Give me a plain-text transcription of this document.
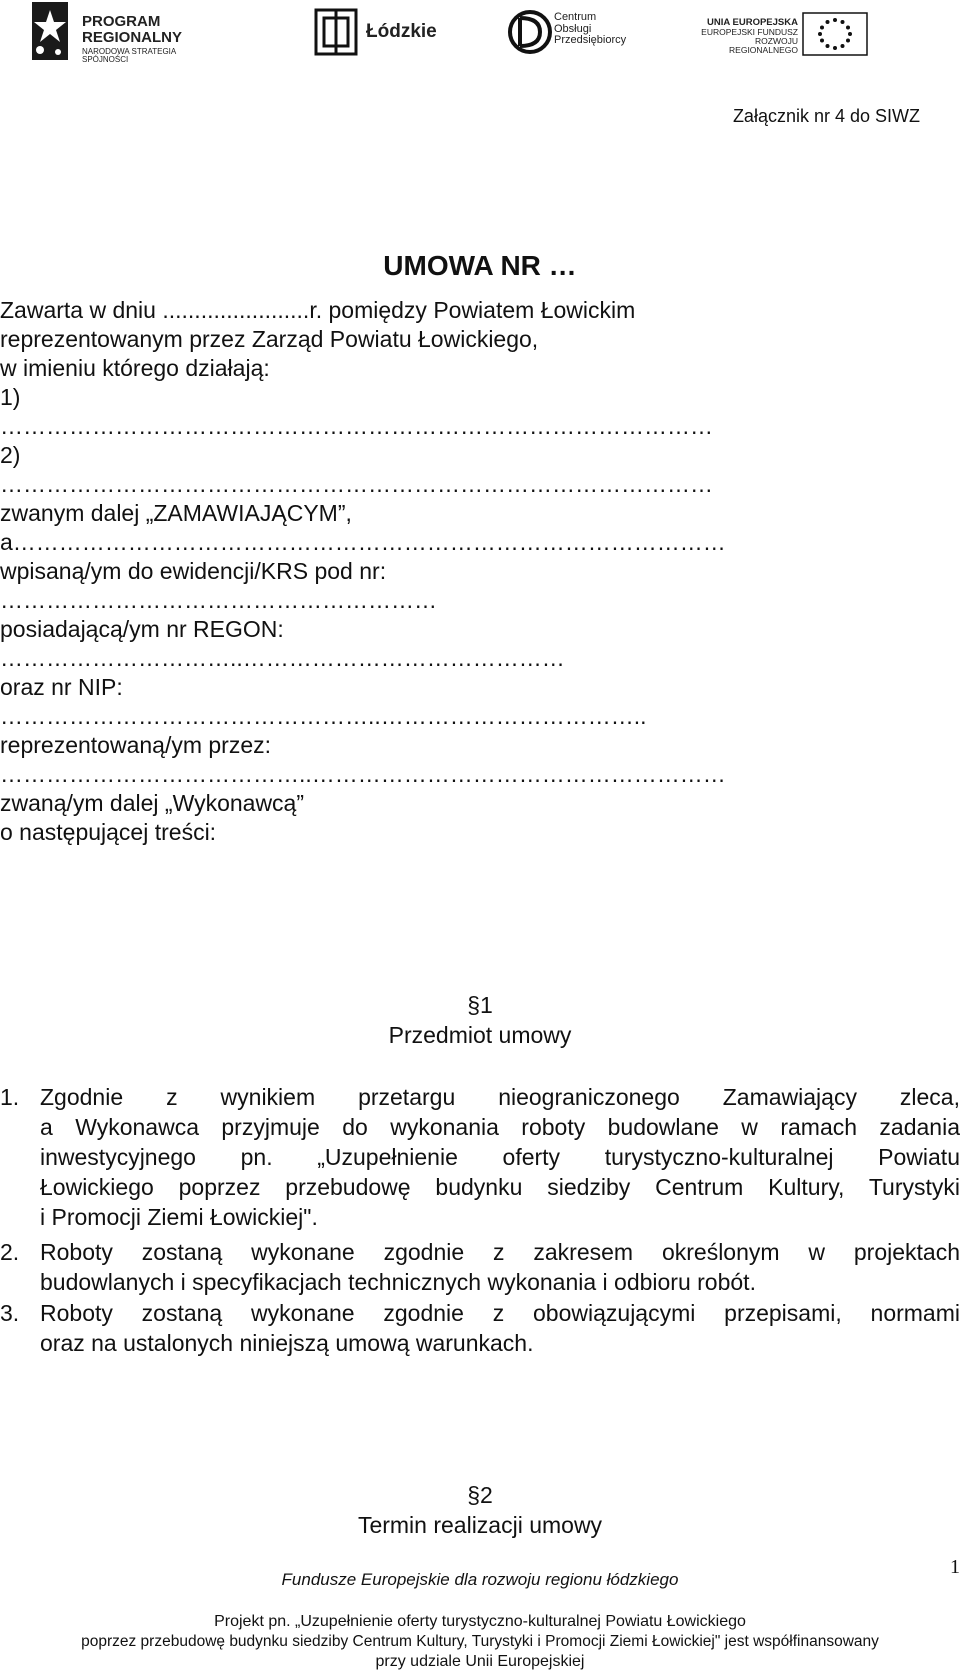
PROGRAM
REGIONALNY
NARODOWA STRATEGIA SPÓJNOŚCI
Łódzkie
Centrum
Obsługi
Przedsiębiorcy
UNIA EUROPEJSKA
EUROPEJSKI FUNDUSZ
ROZWOJU REGIONALNEGO
Załącznik nr 4 do SIWZ
UMOWA NR …
Zawarta w dniu .......................r. pomiędzy Powiatem Łowickim
reprezentowanym przez Zarząd Powiatu Łowickiego,
w imieniu którego działają:
1)
…………………………………………………………………………………
2)
…………………………………………………………………………………
zwanym dalej „ZAMAWIAJĄCYM”,
a…………………………………………………………………………………
wpisaną/ym do ewidencji/KRS pod nr:
…………………………………………………
posiadającą/ym nr REGON:
…………………………..……………………………………
oraz nr NIP:
…………………………………………..……………………………..
reprezentowaną/ym przez:
…………………………………..………………………………………………
zwaną/ym dalej „Wykonawcą”
o następującej treści:
§1
Przedmiot umowy
1. Zgodnie z wynikiem przetargu nieograniczonego Zamawiający zleca,
a Wykonawca przyjmuje do wykonania roboty budowlane w ramach zadania
inwestycyjnego pn. „Uzupełnienie oferty turystyczno-kulturalnej Powiatu
Łowickiego poprzez przebudowę budynku siedziby Centrum Kultury, Turystyki
i Promocji Ziemi Łowickiej".
2. Roboty zostaną wykonane zgodnie z zakresem określonym w projektach
budowlanych i specyfikacjach technicznych wykonania i odbioru robót.
3. Roboty zostaną wykonane zgodnie z obowiązującymi przepisami, normami
oraz na ustalonych niniejszą umową warunkach.
§2
Termin realizacji umowy
Fundusze Europejskie dla rozwoju regionu łódzkiego
1
Projekt pn. „Uzupełnienie oferty turystyczno-kulturalnej Powiatu Łowickiego
poprzez przebudowę budynku siedziby Centrum Kultury, Turystyki i Promocji Ziemi Łowickiej" jest współfinansowany
przy udziale Unii Europejskiej
